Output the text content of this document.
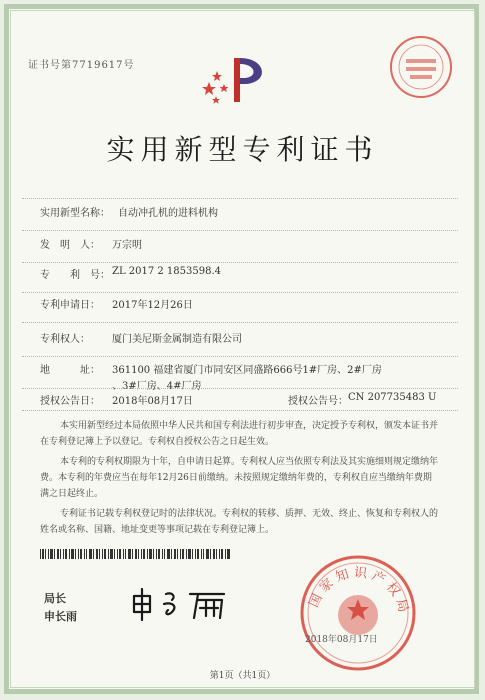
证书号第7719617号
实用新型专利证书
实用新型名称： 自动冲孔机的进料机构
发　明　人： 万宗明
专　　利　号： ZL 2017 2 1853598.4
专利申请日： 2017年12月26日
专利权人： 厦门美尼斯金属制造有限公司
地　　　址： 361100 福建省厦门市同安区同盛路666号1#厂房、2#厂房
、3#厂房、4#厂房
授权公告日： 2018年08月17日	授权公告号： CN 207735483 U
本实用新型经过本局依照中华人民共和国专利法进行初步审查，决定授予专利权，颁发本证书并在专利登记簿上予以登记。专利权自授权公告之日起生效。
本专利的专利权期限为十年，自申请日起算。专利权人应当依照专利法及其实施细则规定缴纳年费。本专利的年费应当在每年12月26日前缴纳。未按照规定缴纳年费的，专利权自应当缴纳年费期满之日起终止。
专利证书记载专利权登记时的法律状况。专利权的转移、质押、无效、终止、恢复和专利权人的姓名或名称、国籍、地址变更等事项记载在专利登记簿上。
局长
申长雨
国家知识产权局
2018年08月17日
第1页（共1页）
